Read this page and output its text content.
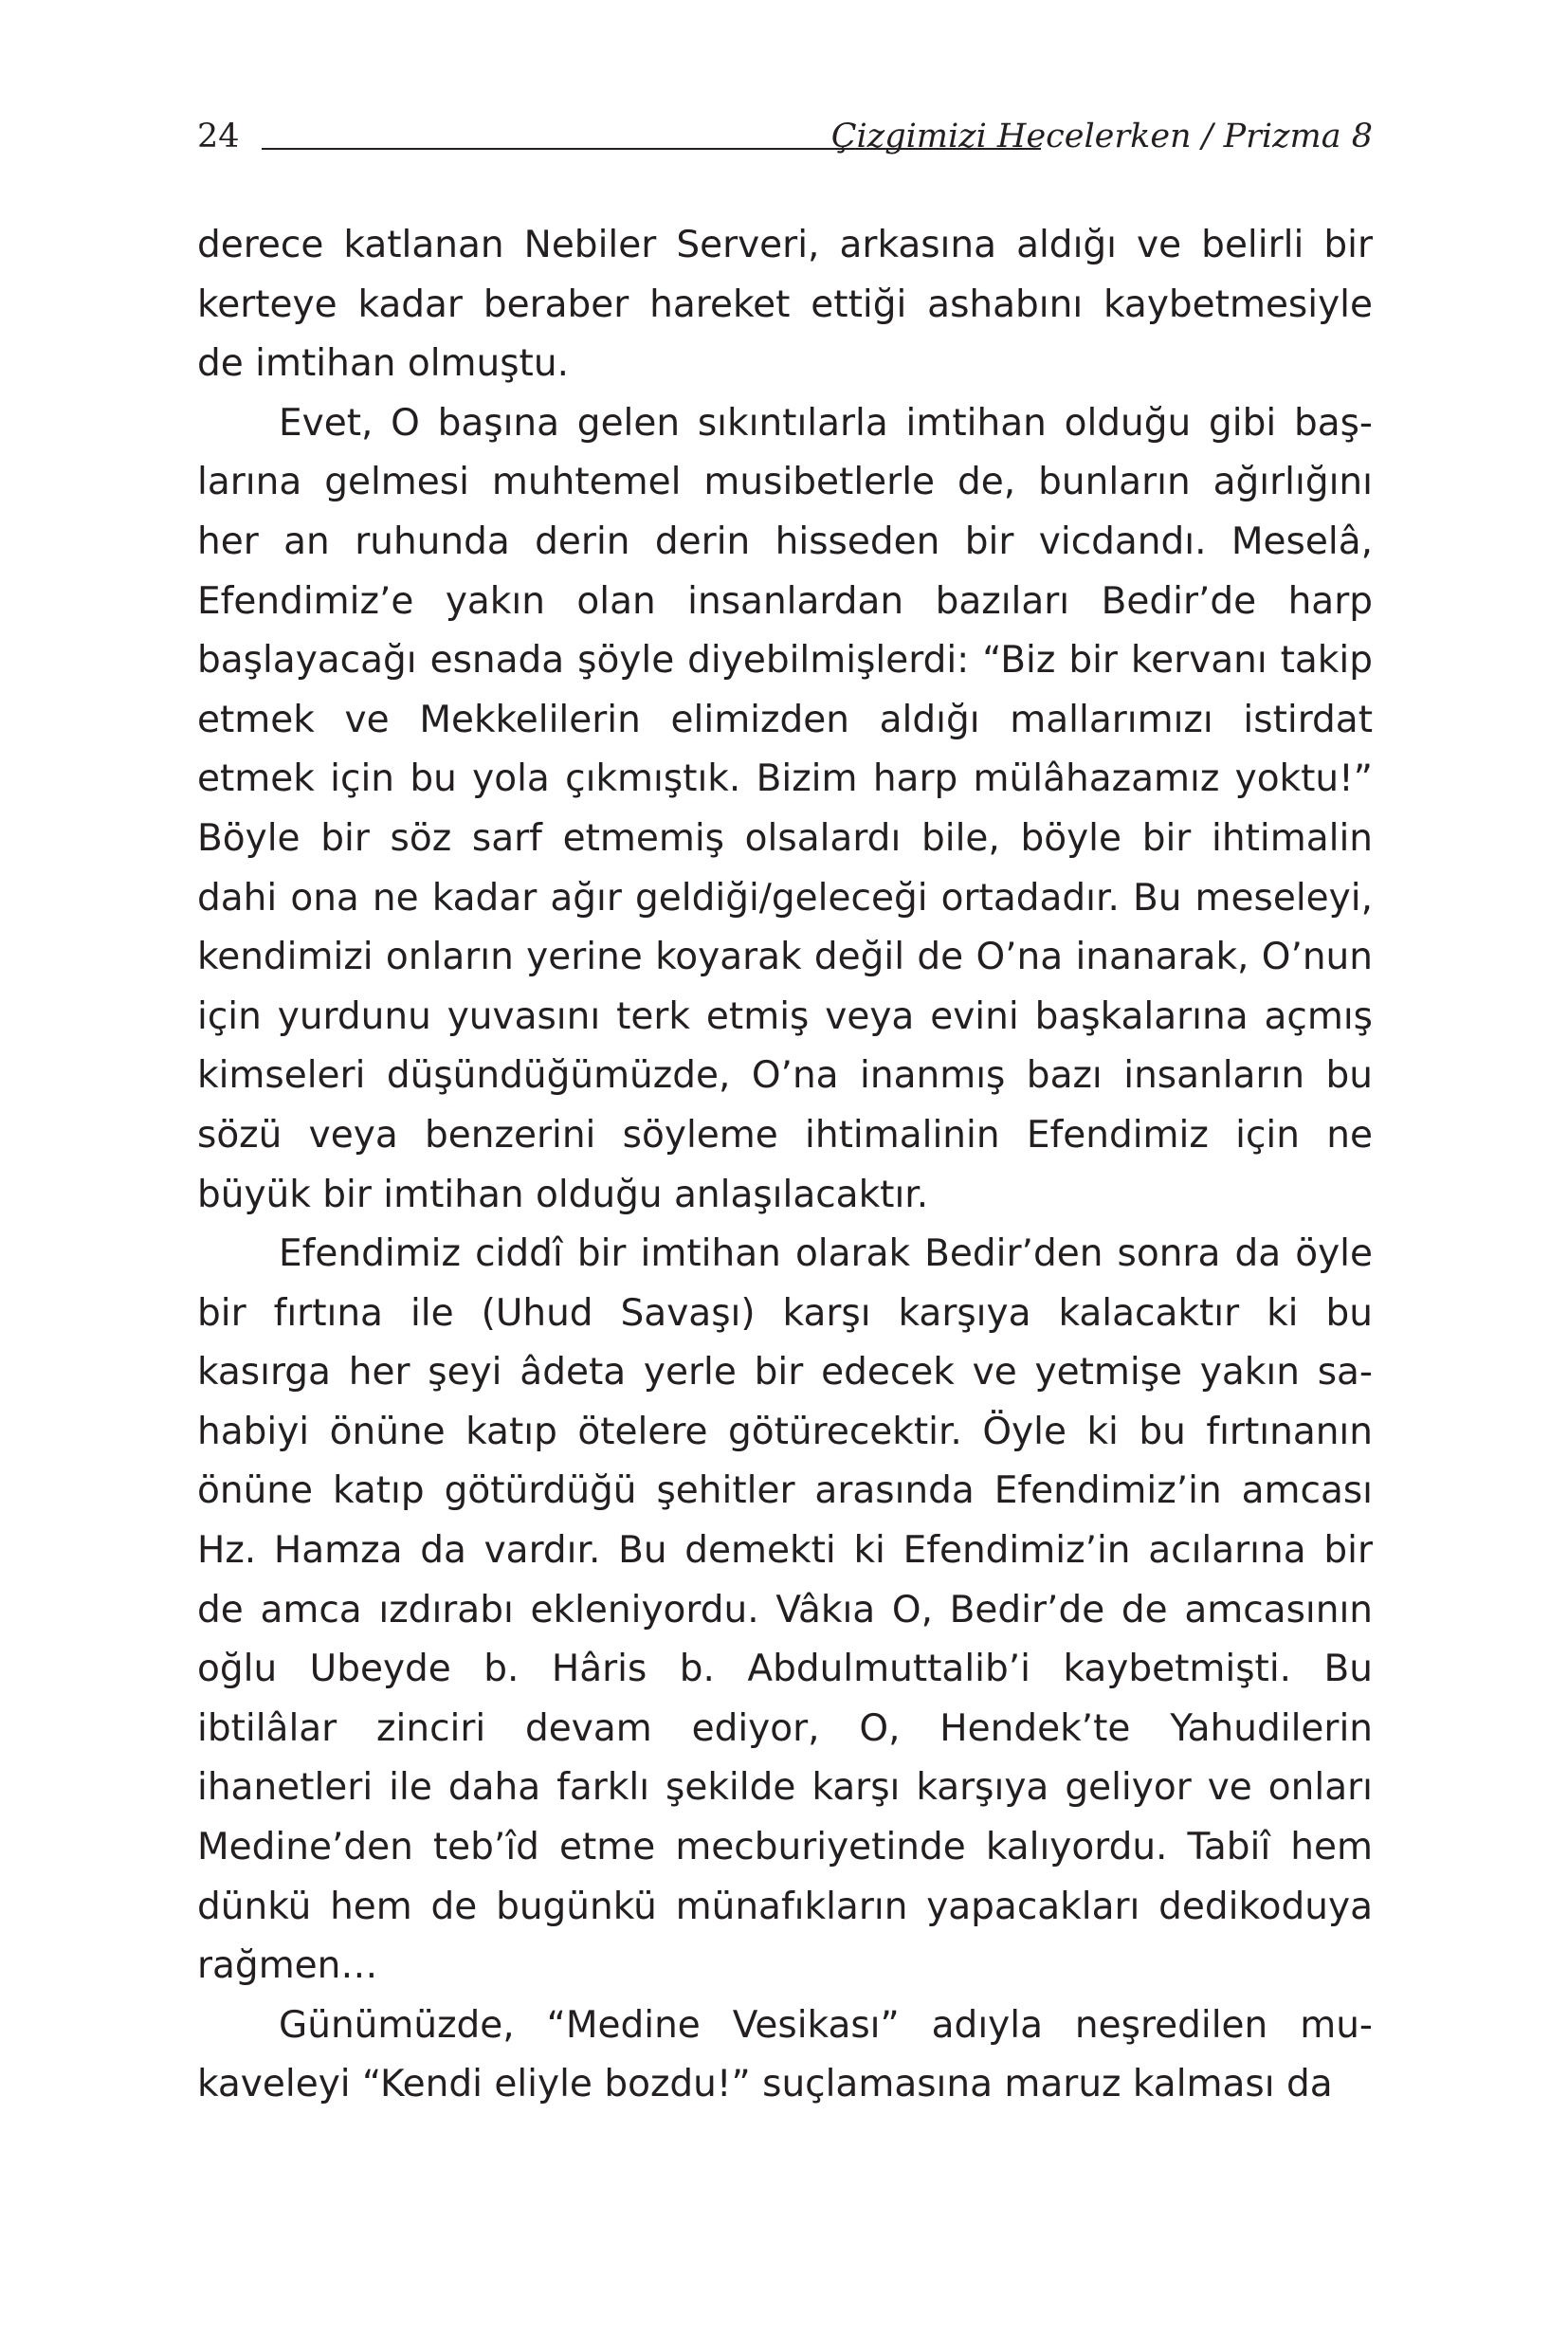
24	Çizgimizi Hecelerken / Prizma 8

derece katlanan Nebiler Serveri, arkasına aldığı ve belirli bir kerteye kadar beraber hareket ettiği ashabını kaybetmesiyle de imtihan olmuştu.

Evet, O başına gelen sıkıntılarla imtihan olduğu gibi başlarına gelmesi muhtemel musibetlerle de, bunların ağırlığını her an ruhunda derin derin hisseden bir vicdandı. Meselâ, Efendimiz’e yakın olan insanlardan bazıları Bedir’de harp başlayacağı esnada şöyle diyebilmişlerdi: “Biz bir kervanı takip etmek ve Mekkelilerin elimizden aldığı mallarımızı istirdat etmek için bu yola çıkmıştık. Bizim harp mülâhazamız yoktu!” Böyle bir söz sarf etmemiş olsalardı bile, böyle bir ihtimalin dahi ona ne kadar ağır geldiği/geleceği ortadadır. Bu meseleyi, kendimizi onların yerine koyarak değil de O’na inanarak, O’nun için yurdunu yuvasını terk etmiş veya evini başkalarına açmış kimseleri düşündüğümüzde, O’na inanmış bazı insanların bu sözü veya benzerini söyleme ihtimalinin Efendimiz için ne büyük bir imtihan olduğu anlaşılacaktır.

Efendimiz ciddî bir imtihan olarak Bedir’den sonra da öyle bir fırtına ile (Uhud Savaşı) karşı karşıya kalacaktır ki bu kasırga her şeyi âdeta yerle bir edecek ve yetmişe yakın sahabiyi önüne katıp ötelere götürecektir. Öyle ki bu fırtınanın önüne katıp götürdüğü şehitler arasında Efendimiz’in amcası Hz. Hamza da vardır. Bu demekti ki Efendimiz’in acılarına bir de amca ızdırabı ekleniyordu. Vâkıa O, Bedir’de de amcasının oğlu Ubeyde b. Hâris b. Abdulmuttalib’i kaybetmişti. Bu ibtilâlar zinciri devam ediyor, O, Hendek’te Yahudilerin ihanetleri ile daha farklı şekilde karşı karşıya geliyor ve onları Medine’den teb’îd etme mecburiyetinde kalıyordu. Tabiî hem dünkü hem de bugünkü münafıkların yapacakları dedikoduya rağmen…

Günümüzde, “Medine Vesikası” adıyla neşredilen mukaveleyi “Kendi eliyle bozdu!” suçlamasına maruz kalması da
